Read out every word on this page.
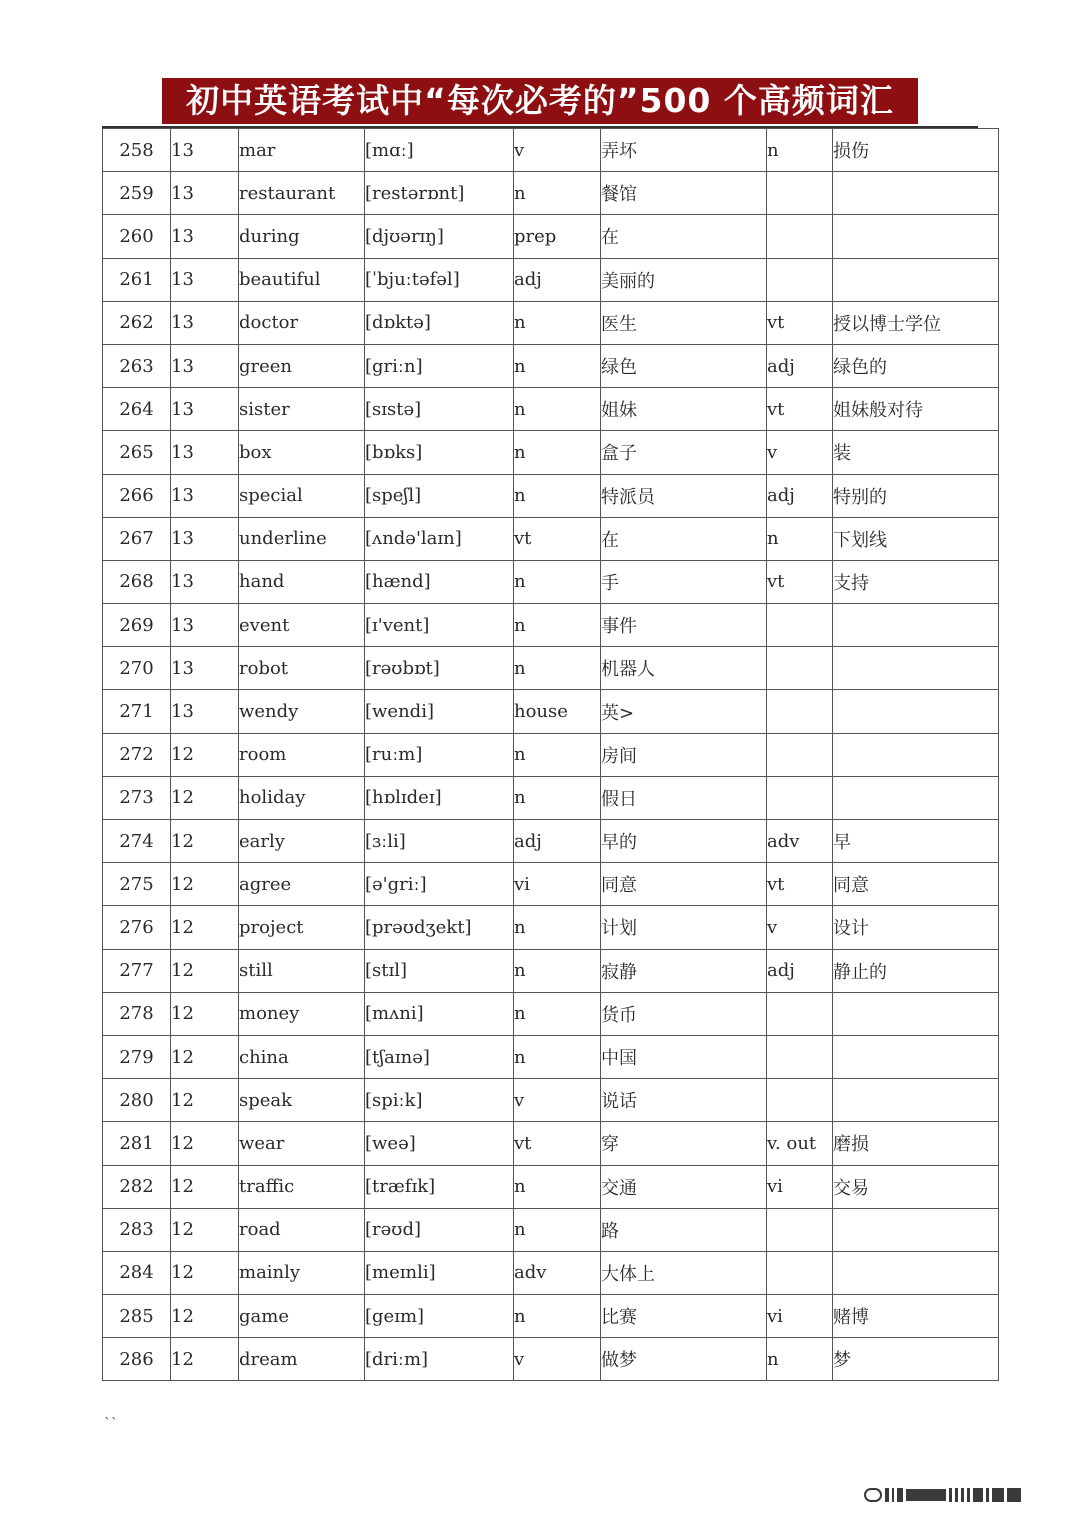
初中英语考试中“每次必考的”500 个高频词汇
258	13	mar	[mɑː]	v	弄坏	n	损伤
259	13	restaurant	[restərɒnt]	n	餐馆		
260	13	during	[djʊərɪŋ]	prep	在		
261	13	beautiful	[ˈbjuːtəfəl]	adj	美丽的		
262	13	doctor	[dɒktə]	n	医生	vt	授以博士学位
263	13	green	[griːn]	n	绿色	adj	绿色的
264	13	sister	[sɪstə]	n	姐妹	vt	姐妹般对待
265	13	box	[bɒks]	n	盒子	v	装
266	13	special	[speʃl]	n	特派员	adj	特别的
267	13	underline	[ʌndə'laɪn]	vt	在	n	下划线
268	13	hand	[hænd]	n	手	vt	支持
269	13	event	[ɪ'vent]	n	事件		
270	13	robot	[rəʊbɒt]	n	机器人		
271	13	wendy	[wendi]	house	英>		
272	12	room	[ruːm]	n	房间		
273	12	holiday	[hɒlɪdeɪ]	n	假日		
274	12	early	[ɜːli]	adj	早的	adv	早
275	12	agree	[ə'griː]	vi	同意	vt	同意
276	12	project	[prəʊdʒekt]	n	计划	v	设计
277	12	still	[stɪl]	n	寂静	adj	静止的
278	12	money	[mʌni]	n	货币		
279	12	china	[tʃaɪnə]	n	中国		
280	12	speak	[spiːk]	v	说话		
281	12	wear	[weə]	vt	穿	v. out	磨损
282	12	traffic	[træfɪk]	n	交通	vi	交易
283	12	road	[rəʊd]	n	路		
284	12	mainly	[meɪnli]	adv	大体上		
285	12	game	[geɪm]	n	比赛	vi	赌博
286	12	dream	[driːm]	v	做梦	n	梦
``
